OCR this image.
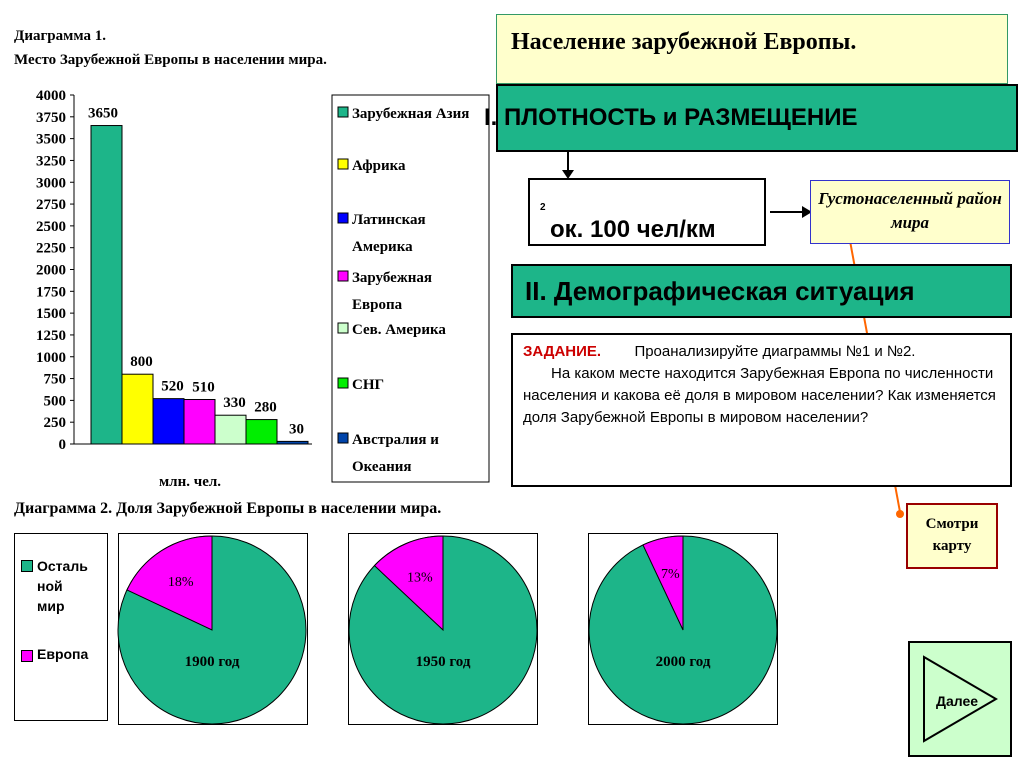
Диаграмма 1.
Место Зарубежной Европы в населении мира.
0
250
500
750
1000
1250
1500
1750
2000
2250
2500
2750
3000
3250
3500
3750
4000
3650
800
520 510
330 280
30
млн. чел.
Зарубежная Азия
Африка
Латинская
Америка
Зарубежная
Европа
Сев. Америка
СНГ
Австралия и
Океания
Население зарубежной Европы.
I. ПЛОТНОСТЬ и РАЗМЕЩЕНИЕ
ок. 100 чел/км
$^2$	Густонаселенный район мира
II. Демографическая ситуация
ЗАДАНИЕ. Проанализируйте диаграммы №1 и №2.
На каком месте находится Зарубежная Европа по численности населения и какова её доля в мировом населении? Как изменяется доля Зарубежной Европы в мировом населении?
Смотри карту
Диаграмма 2. Доля Зарубежной Европы в населении мира.
Осталь
ной
мир
Европа
18%
1900 год
13%
1950 год
7%
2000 год
Далее
